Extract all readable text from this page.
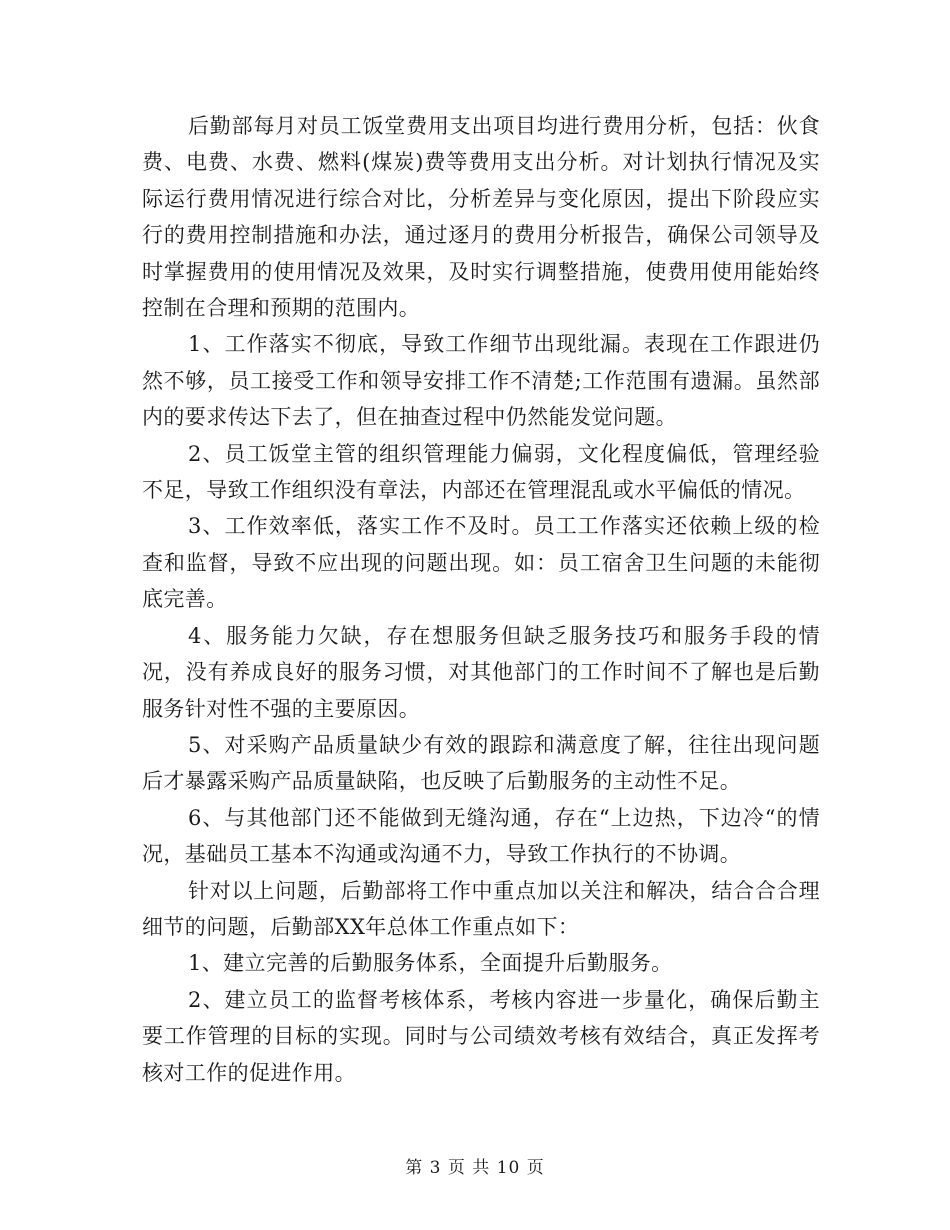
后勤部每月对员工饭堂费用支出项目均进行费用分析，包括：伙食费、电费、水费、燃料(煤炭)费等费用支出分析。对计划执行情况及实际运行费用情况进行综合对比，分析差异与变化原因，提出下阶段应实行的费用控制措施和办法，通过逐月的费用分析报告，确保公司领导及时掌握费用的使用情况及效果，及时实行调整措施，使费用使用能始终控制在合理和预期的范围内。

1、工作落实不彻底，导致工作细节出现纰漏。表现在工作跟进仍然不够，员工接受工作和领导安排工作不清楚;工作范围有遗漏。虽然部内的要求传达下去了，但在抽查过程中仍然能发觉问题。

2、员工饭堂主管的组织管理能力偏弱，文化程度偏低，管理经验不足，导致工作组织没有章法，内部还在管理混乱或水平偏低的情况。

3、工作效率低，落实工作不及时。员工工作落实还依赖上级的检查和监督，导致不应出现的问题出现。如：员工宿舍卫生问题的未能彻底完善。

4、服务能力欠缺，存在想服务但缺乏服务技巧和服务手段的情况，没有养成良好的服务习惯，对其他部门的工作时间不了解也是后勤服务针对性不强的主要原因。

5、对采购产品质量缺少有效的跟踪和满意度了解，往往出现问题后才暴露采购产品质量缺陷，也反映了后勤服务的主动性不足。

6、与其他部门还不能做到无缝沟通，存在“上边热，下边冷“的情况，基础员工基本不沟通或沟通不力，导致工作执行的不协调。

针对以上问题，后勤部将工作中重点加以关注和解决，结合合合理细节的问题，后勤部XX年总体工作重点如下：

1、建立完善的后勤服务体系，全面提升后勤服务。

2、建立员工的监督考核体系，考核内容进一步量化，确保后勤主要工作管理的目标的实现。同时与公司绩效考核有效结合，真正发挥考核对工作的促进作用。

第 3 页 共 10 页
